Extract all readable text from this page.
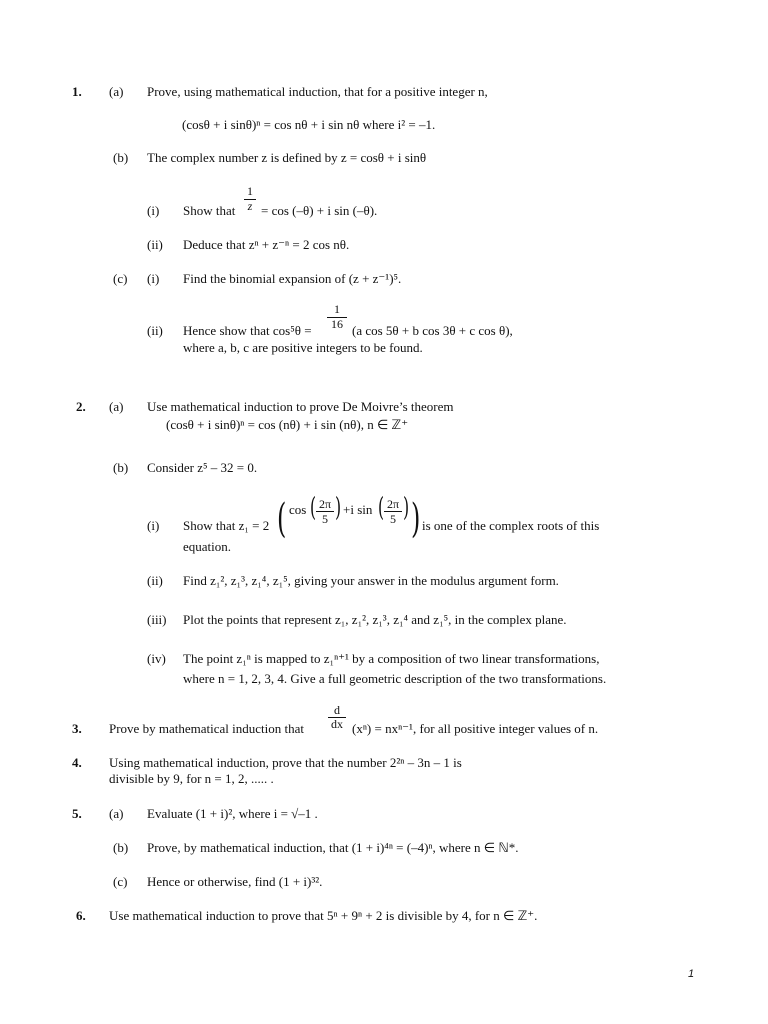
1. (a) Prove, using mathematical induction, that for a positive integer n,
(cosθ + i sinθ)ⁿ = cos nθ + i sin nθ where i² = –1.
(b) The complex number z is defined by z = cosθ + i sinθ
(i) Show that
1
z = cos (–θ) + i sin (–θ).
(ii) Deduce that zⁿ + z⁻ⁿ = 2 cos nθ.
(c) (i) Find the binomial expansion of (z + z⁻¹)⁵.
(ii) Hence show that cos⁵θ =
1
16 (a cos 5θ + b cos 3θ + c cos θ),
where a, b, c are positive integers to be found.
2. (a) Use mathematical induction to prove De Moivre’s theorem
(cosθ + i sinθ)ⁿ = cos (nθ) + i sin (nθ), n ∈ ℤ⁺
(b) Consider z⁵ – 32 = 0.
(i) Show that z₁ = 2 ( cos ( 2π
5 ) +i sin ( 2π
5 ) ) is one of the complex roots of this
equation.
(ii) Find z₁², z₁³, z₁⁴, z₁⁵, giving your answer in the modulus argument form.
(iii) Plot the points that represent z₁, z₁², z₁³, z₁⁴ and z₁⁵, in the complex plane.
(iv) The point z₁ⁿ is mapped to z₁ⁿ⁺¹ by a composition of two linear transformations,
where n = 1, 2, 3, 4. Give a full geometric description of the two transformations.
3. Prove by mathematical induction that
d
dx (xⁿ) = nxⁿ⁻¹, for all positive integer values of n.
4. Using mathematical induction, prove that the number 2²ⁿ – 3n – 1 is
divisible by 9, for n = 1, 2, ..... .
5. (a) Evaluate (1 + i)², where i = √–1 .
(b) Prove, by mathematical induction, that (1 + i)⁴ⁿ = (–4)ⁿ, where n ∈ ℕ*.
(c) Hence or otherwise, find (1 + i)³².
6. Use mathematical induction to prove that 5ⁿ + 9ⁿ + 2 is divisible by 4, for n ∈ ℤ⁺.
1
